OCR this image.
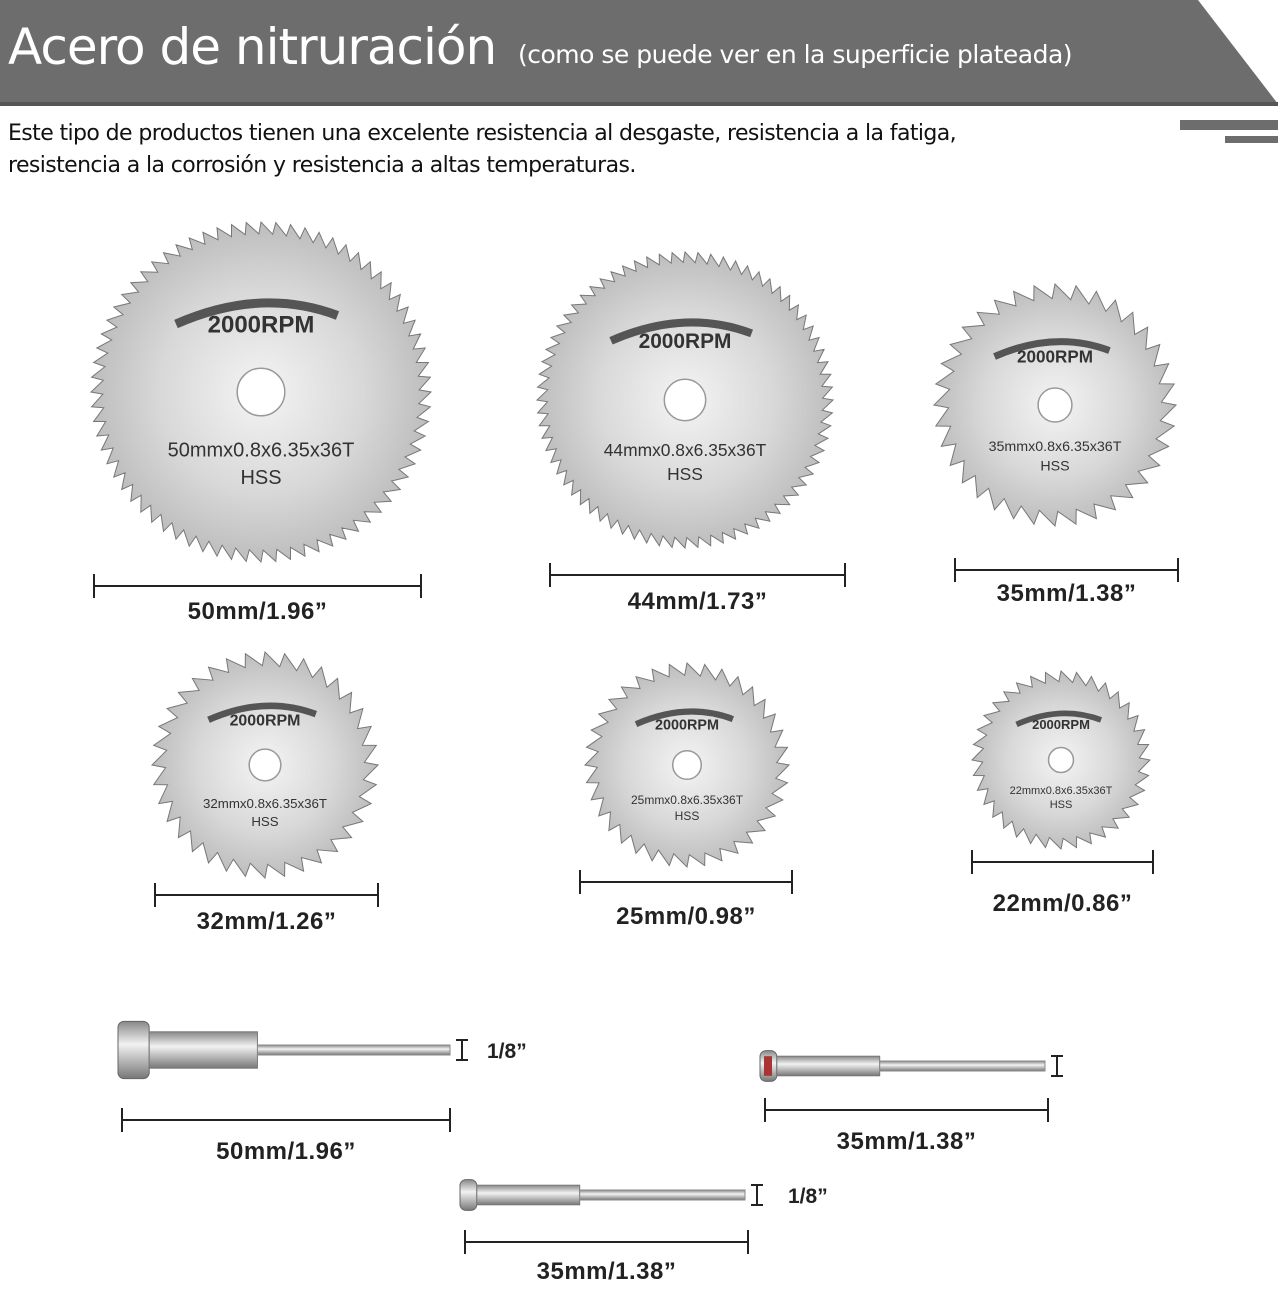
Acero de nitruración (como se puede ver en la superficie plateada)
Este tipo de productos tienen una excelente resistencia al desgaste, resistencia a la fatiga,
resistencia a la corrosión y resistencia a altas temperaturas.
2000RPM
50mmx0.8x6.35x36T
HSS
2000RPM
44mmx0.8x6.35x36T
HSS
2000RPM
35mmx0.8x6.35x36T
HSS
2000RPM
32mmx0.8x6.35x36T
HSS
2000RPM
25mmx0.8x6.35x36T
HSS
2000RPM
22mmx0.8x6.35x36T
HSS
50mm/1.96”	44mm/1.73”	35mm/1.38”
32mm/1.26”	25mm/0.98”	22mm/0.86”
50mm/1.96”
1/8”
35mm/1.38”
35mm/1.38”
1/8”
